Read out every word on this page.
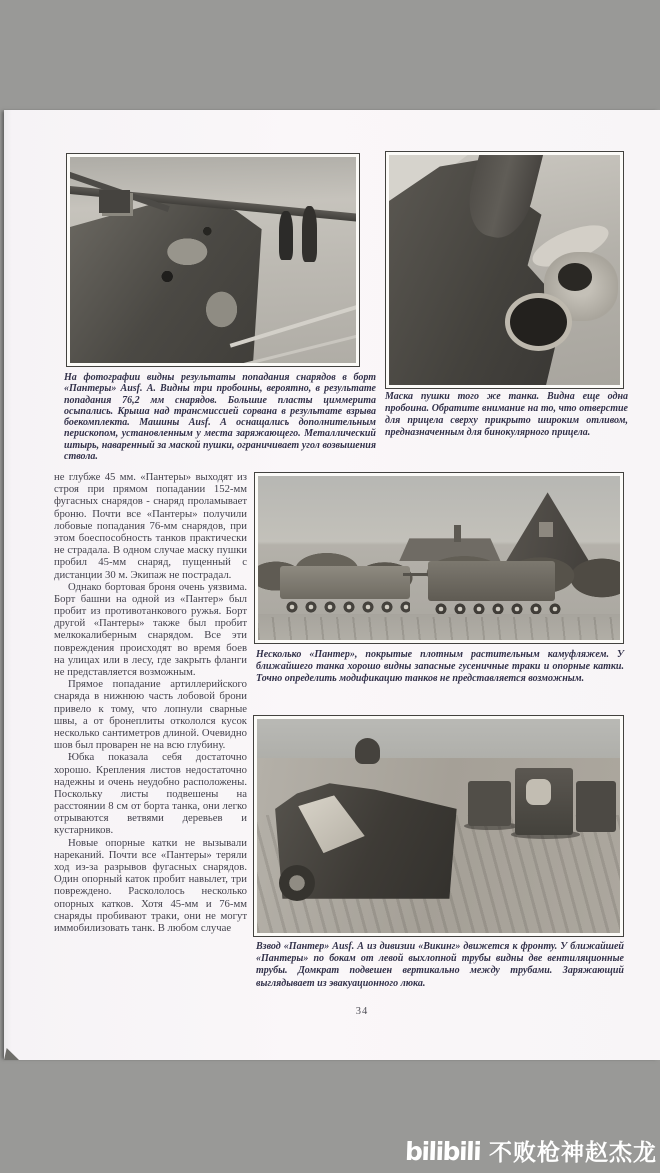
На фотографии видны результаты попадания снарядов в борт «Пантеры» Ausf. А. Видны три пробоины, вероятно, в результате попадания 76,2 мм снарядов. Большие пласты циммерита осыпались. Крыша над трансмиссией сорвана в результате взрыва боекомплекта. Машины Ausf. А оснащались дополнительным перископом, установленным у места заряжающего. Металлический штырь, наваренный за маской пушки, ограничивает угол возвышения ствола.

Маска пушки того же танка. Видна еще одна пробоина. Обратите внимание на то, что отверстие для прицела сверху прикрыто широким отливом, предназначенным для бинокулярного прицела.

не глубже 45 мм. «Пантеры» выходят из строя при прямом попадании 152-мм фугасных снарядов - снаряд проламывает броню. Почти все «Пантеры» получили лобовые попадания 76-мм снарядов, при этом боеспособность танков практически не страдала. В одном случае маску пушки пробил 45-мм снаряд, пущенный с дистанции 30 м. Экипаж не пострадал.

Однако бортовая броня очень уязвима. Борт башни на одной из «Пантер» был пробит из противотанкового ружья. Борт другой «Пантеры» также был пробит мелкокалиберным снарядом. Все эти повреждения происходят во время боев на улицах или в лесу, где закрыть фланги не представляется возможным.

Прямое попадание артиллерийского снаряда в нижнюю часть лобовой брони привело к тому, что лопнули сварные швы, а от бронеплиты откололся кусок несколько сантиметров длиной. Очевидно шов был проварен не на всю глубину.

Юбка показала себя достаточно хорошо. Крепления листов недостаточно надежны и очень неудобно расположены. Поскольку листы подвешены на расстоянии 8 см от борта танка, они легко отрываются ветвями деревьев и кустарников.

Новые опорные катки не вызывали нареканий. Почти все «Пантеры» теряли ход из-за разрывов фугасных снарядов. Один опорный каток пробит навылет, три повреждено. Раскололось несколько опорных катков. Хотя 45-мм и 76-мм снаряды пробивают траки, они не могут иммобилизовать танк. В любом случае

Несколько «Пантер», покрытые плотным растительным камуфляжем. У ближайшего танка хорошо видны запасные гусеничные траки и опорные катки. Точно определить модификацию танков не представляется возможным.

Взвод «Пантер» Ausf. А из дивизии «Викинг» движется к фронту. У ближайшей «Пантеры» по бокам от левой выхлопной трубы видны две вентиляционные трубы. Домкрат подвешен вертикально между трубами. Заряжающий выглядывает из эвакуационного люка.

34
bilibili 不败枪神赵杰龙
